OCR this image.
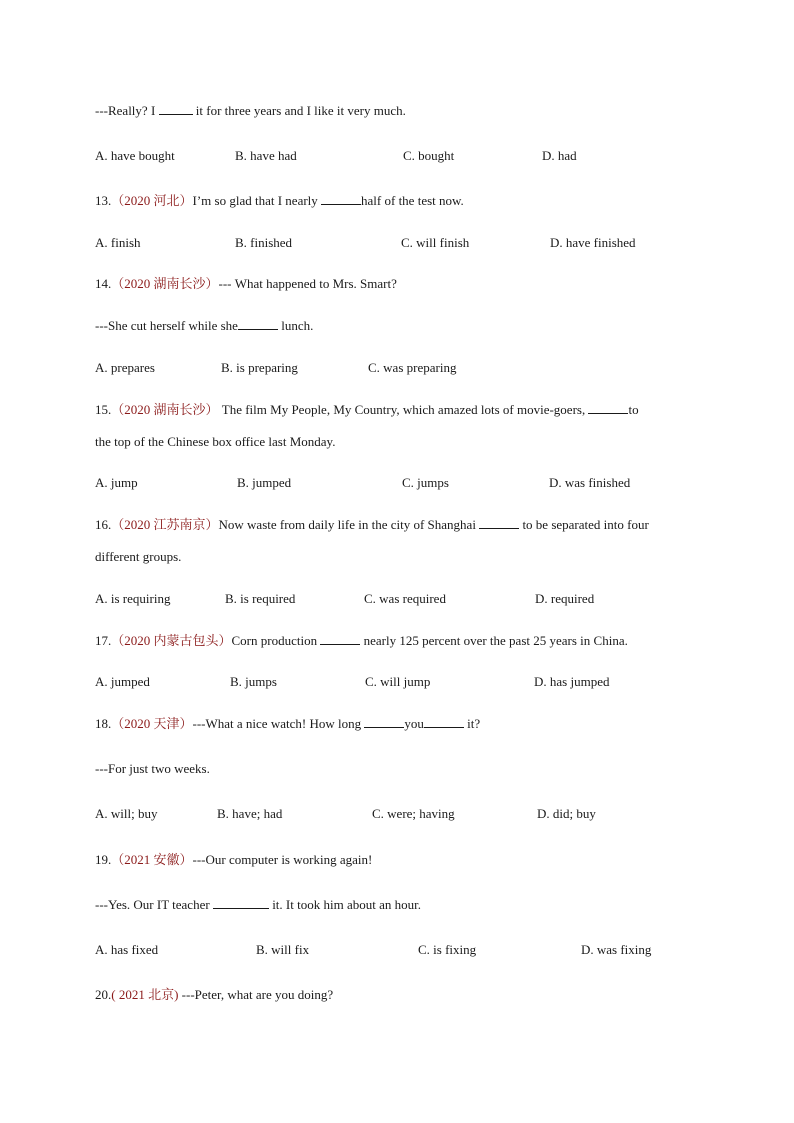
---Really? I	it for three years and I like it very much.
A. have bought	B. have had	C. bought	D. had
13.（2020 河北）I’m so glad that I nearly	half of the test now.
A. finish	B. finished	C. will finish	D. have finished
14.（2020 湖南长沙）--- What happened to Mrs. Smart?
---She cut herself while she	lunch.
A. prepares	B. is preparing	C. was preparing
15.（2020 湖南长沙） The film My People, My Country, which amazed lots of movie-goers,	to
the top of the Chinese box office last Monday.
A. jump	B. jumped	C. jumps	D. was finished
16.（2020 江苏南京）Now waste from daily life in the city of Shanghai	to be separated into four
different groups.
A. is requiring	B. is required	C. was required	D. required
17.（2020 内蒙古包头）Corn production	nearly 125 percent over the past 25 years in China.
A. jumped	B. jumps	C. will jump	D. has jumped
18.（2020 天津）---What a nice watch! How long	you	it?
---For just two weeks.
A. will; buy	B. have; had	C. were; having	D. did; buy
19.（2021 安徽）---Our computer is working again!
---Yes. Our IT teacher	it. It took him about an hour.
A. has fixed	B. will fix	C. is fixing	D. was fixing
20.( 2021 北京) ---Peter, what are you doing?
